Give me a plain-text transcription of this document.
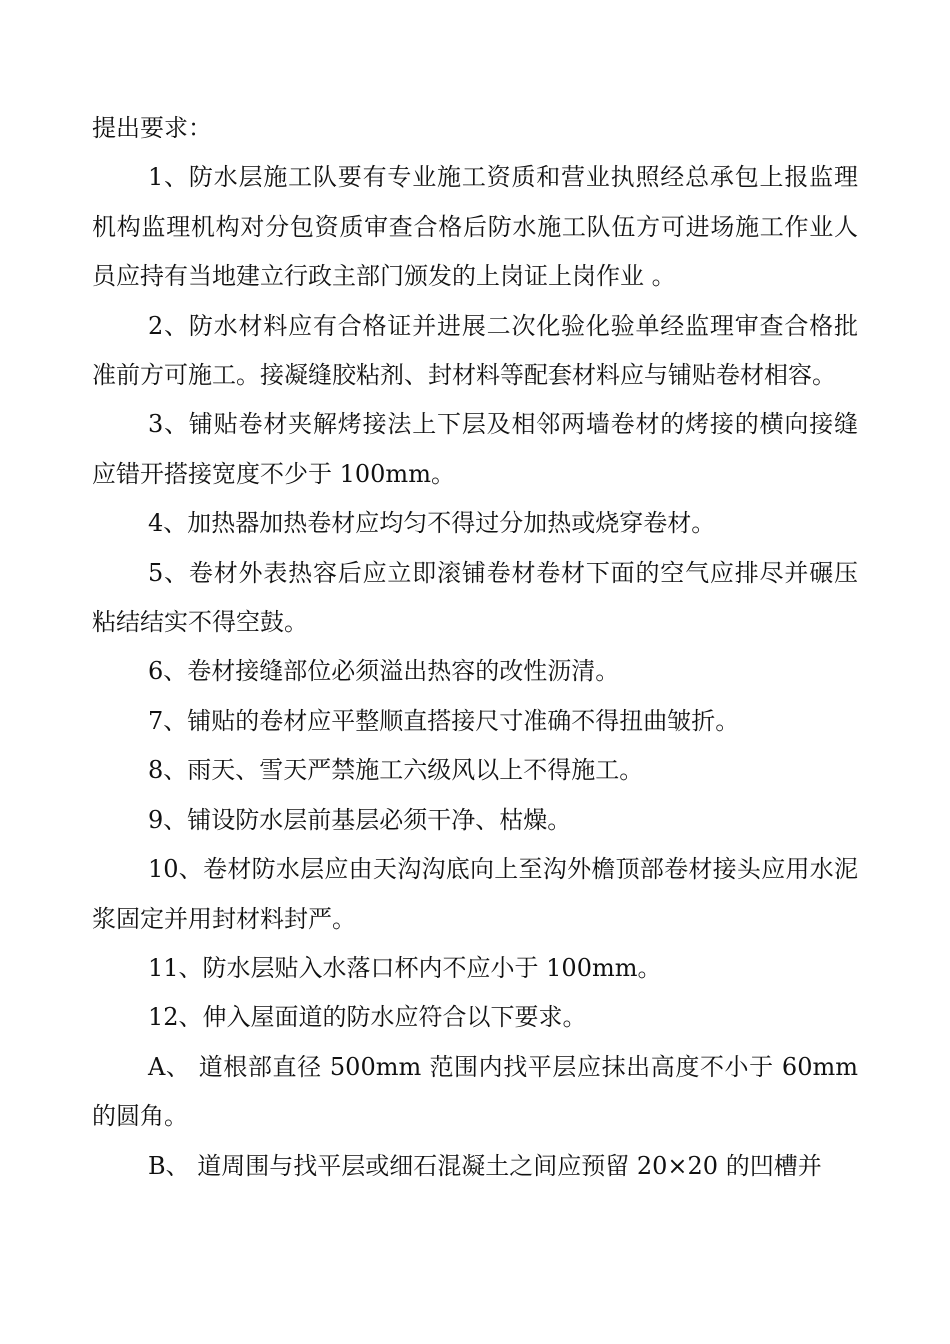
提出要求：

1、防水层施工队要有专业施工资质和营业执照经总承包上报监理机构监理机构对分包资质审查合格后防水施工队伍方可进场施工作业人员应持有当地建立行政主部门颁发的上岗证上岗作业 。

2、防水材料应有合格证并进展二次化验化验单经监理审查合格批准前方可施工。接凝缝胶粘剂、封材料等配套材料应与铺贴卷材相容。

3、铺贴卷材夹解烤接法上下层及相邻两墙卷材的烤接的横向接缝应错开搭接宽度不少于 100mm。

4、加热器加热卷材应均匀不得过分加热或烧穿卷材。

5、卷材外表热容后应立即滚铺卷材卷材下面的空气应排尽并碾压粘结结实不得空鼓。

6、卷材接缝部位必须溢出热容的改性沥清。

7、铺贴的卷材应平整顺直搭接尺寸准确不得扭曲皱折。

8、雨天、雪天严禁施工六级风以上不得施工。

9、铺设防水层前基层必须干净、枯燥。

10、卷材防水层应由天沟沟底向上至沟外檐顶部卷材接头应用水泥浆固定并用封材料封严。

11、防水层贴入水落口杯内不应小于 100mm。

12、伸入屋面道的防水应符合以下要求。

A、 道根部直径 500mm 范围内找平层应抹出高度不小于 60mm 的圆角。

B、 道周围与找平层或细石混凝土之间应预留 20×20 的凹槽并
